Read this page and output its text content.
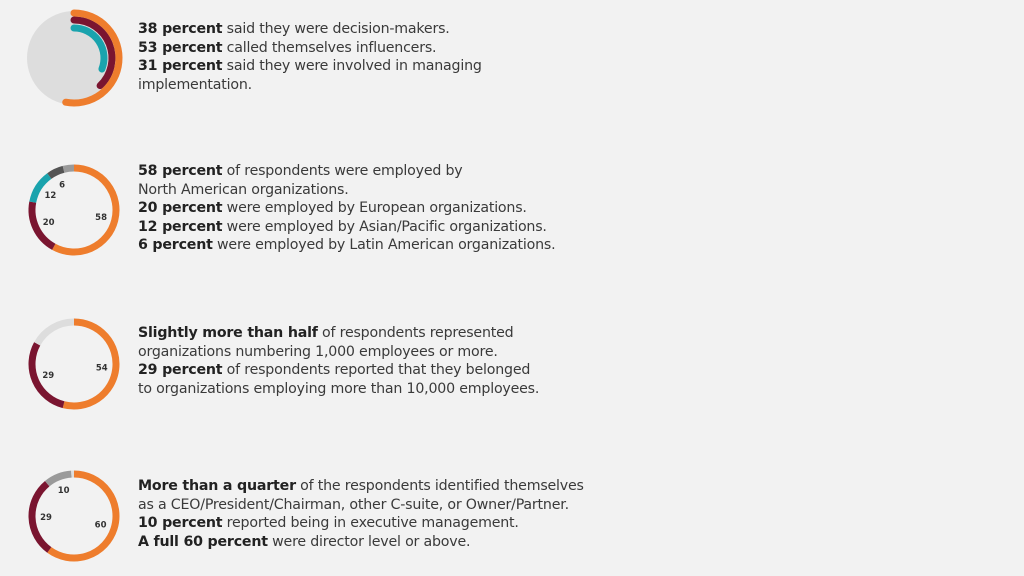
58
20
12
6
54
29
60
29
10
38 percent said they were decision-makers.
53 percent called themselves influencers.
31 percent said they were involved in managing implementation.
58 percent of respondents were employed by North American organizations.
20 percent were employed by European organizations.
12 percent were employed by Asian/Pacific organizations.
6 percent were employed by Latin American organizations.
Slightly more than half of respondents represented organizations numbering 1,000 employees or more.
29 percent of respondents reported that they belonged to organizations employing more than 10,000 employees.
More than a quarter of the respondents identified themselves as a CEO/President/Chairman, other C-suite, or Owner/Partner.
10 percent reported being in executive management.
A full 60 percent were director level or above.
